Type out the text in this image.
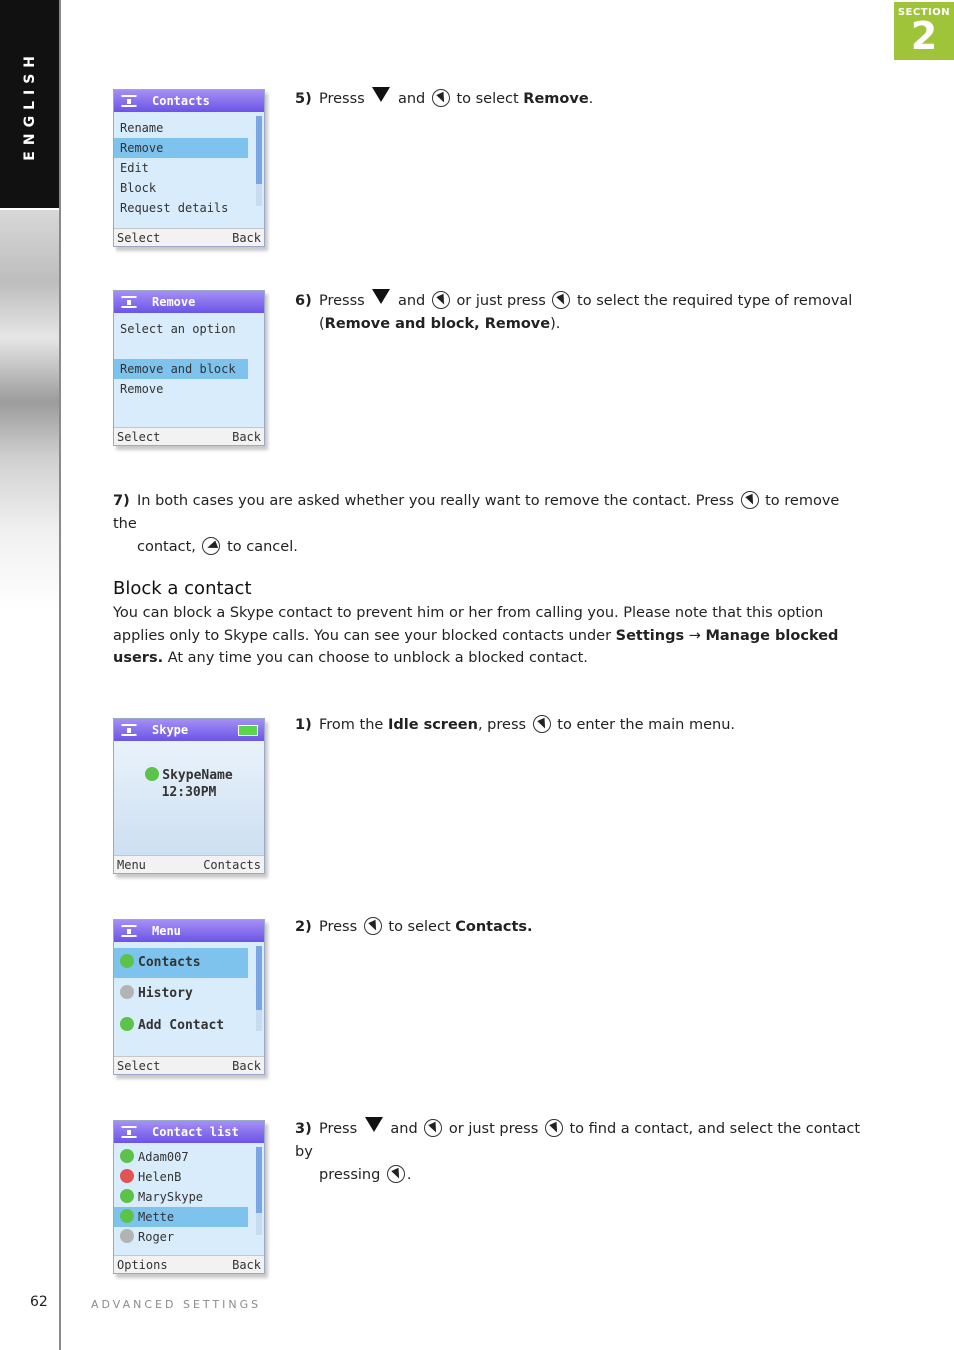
ENGLISH
SECTION
2
Contacts
Rename
Remove
Edit
Block
Request details
Select	Back
5) Presss and to select Remove.
Remove
Select an option
Remove and block
Remove
Select	Back
6) Presss and or just press to select the required type of removal
(Remove and block, Remove).
7) In both cases you are asked whether you really want to remove the contact. Press to remove the
contact, to cancel.
Block a contact

You can block a Skype contact to prevent him or her from calling you. Please note that this option applies only to Skype calls. You can see your blocked contacts under Settings → Manage blocked users. At any time you can choose to unblock a blocked contact.

Skype
SkypeName
12:30PM
Menu	Contacts
1) From the Idle screen, press to enter the main menu.
Menu
Contacts
History
Add Contact
Select	Back
2) Press to select Contacts.
Contact list
Adam007
HelenB
MarySkype
Mette
Roger
Options	Back
3) Press and or just press to find a contact, and select the contact by
pressing .
62	ADVANCED SETTINGS
